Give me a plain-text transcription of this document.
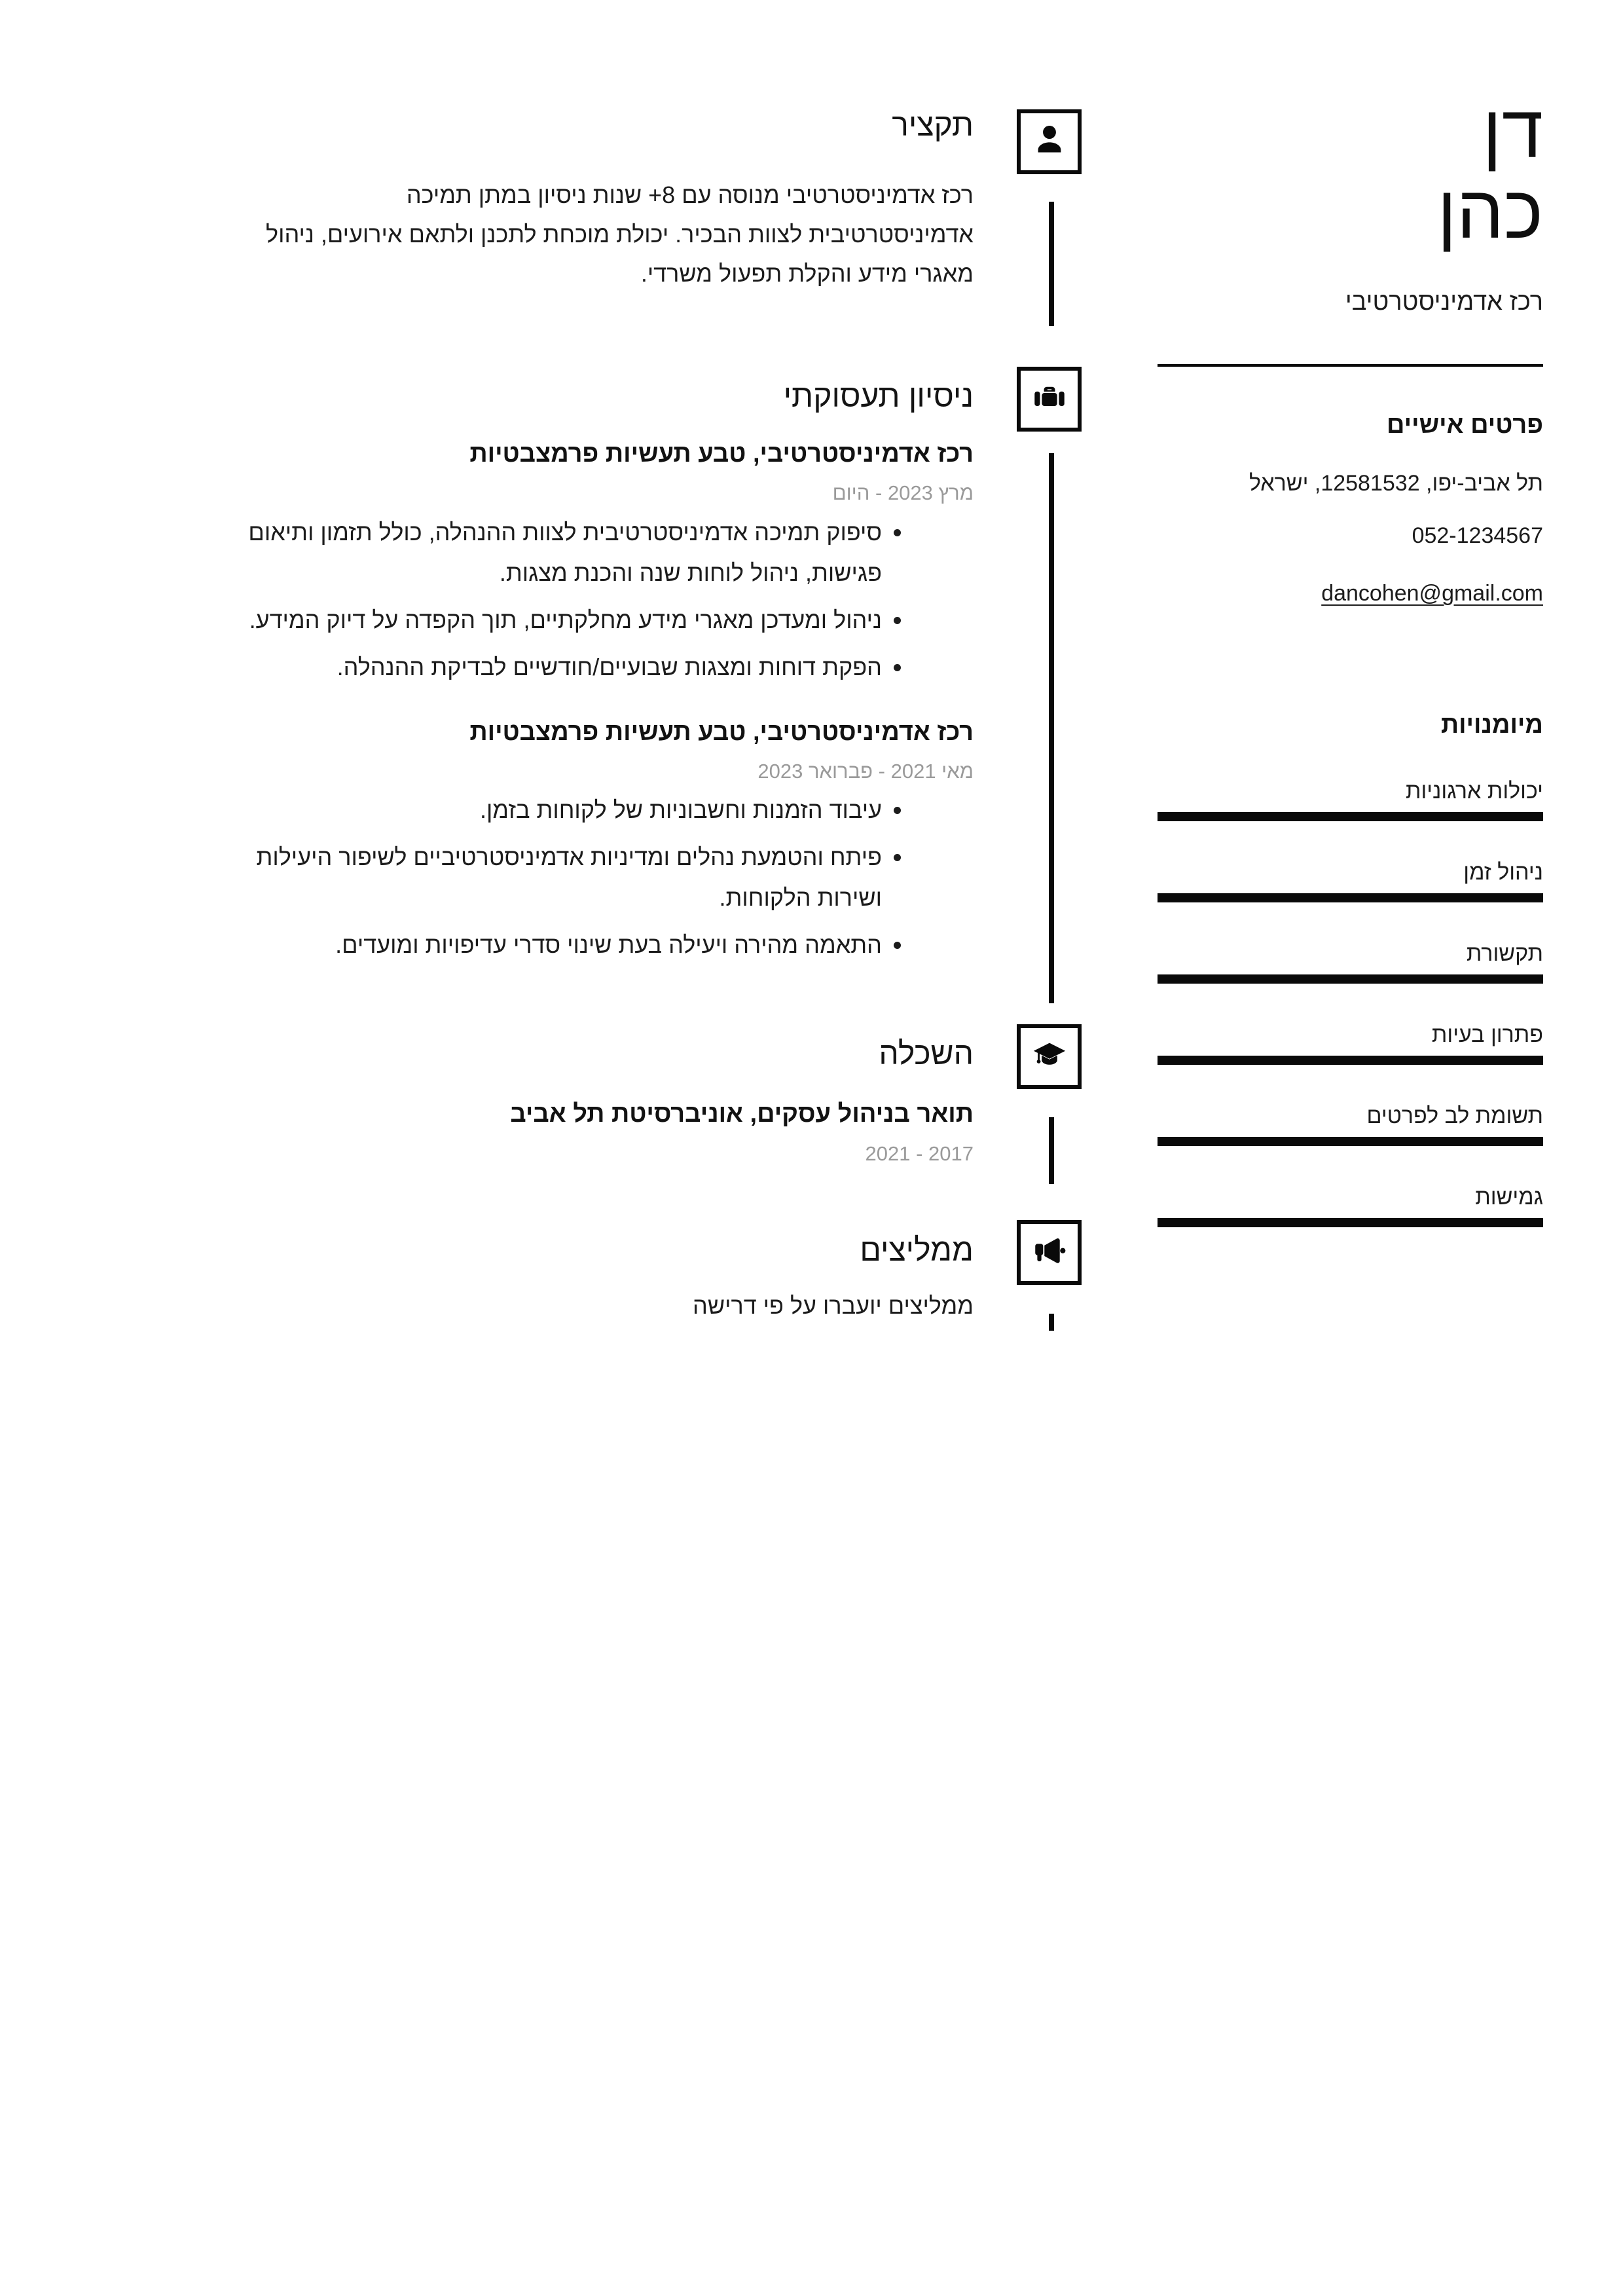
תקציר
רכז אדמיניסטרטיבי מנוסה עם 8+ שנות ניסיון במתן תמיכה
אדמיניסטרטיבית לצוות הבכיר. יכולת מוכחת לתכנן ולתאם אירועים, ניהול
מאגרי מידע והקלת תפעול משרדי.
ניסיון תעסוקתי
רכז אדמיניסטרטיבי, טבע תעשיות פרמצבטיות
מרץ 2023 - היום
• סיפוק תמיכה אדמיניסטרטיבית לצוות ההנהלה, כולל תזמון ותיאום פגישות, ניהול לוחות שנה והכנת מצגות.
• ניהול ומעדכן מאגרי מידע מחלקתיים, תוך הקפדה על דיוק המידע.
• הפקת דוחות ומצגות שבועיים/חודשיים לבדיקת ההנהלה.
רכז אדמיניסטרטיבי, טבע תעשיות פרמצבטיות
מאי 2021 - פברואר 2023
• עיבוד הזמנות וחשבוניות של לקוחות בזמן.
• פיתח והטמעת נהלים ומדיניות אדמיניסטרטיביים לשיפור היעילות ושירות הלקוחות.
• התאמה מהירה ויעילה בעת שינוי סדרי עדיפויות ומועדים.
השכלה
תואר בניהול עסקים, אוניברסיטת תל אביב
2017 - 2021
ממליצים
ממליצים יועברו על פי דרישה
דן
כהן
רכז אדמיניסטרטיבי
פרטים אישיים
תל אביב-יפו, 12581532, ישראל
052-1234567
dancohen@gmail.com
מיומנויות
יכולות ארגוניות
ניהול זמן
תקשורת
פתרון בעיות
תשומת לב לפרטים
גמישות
